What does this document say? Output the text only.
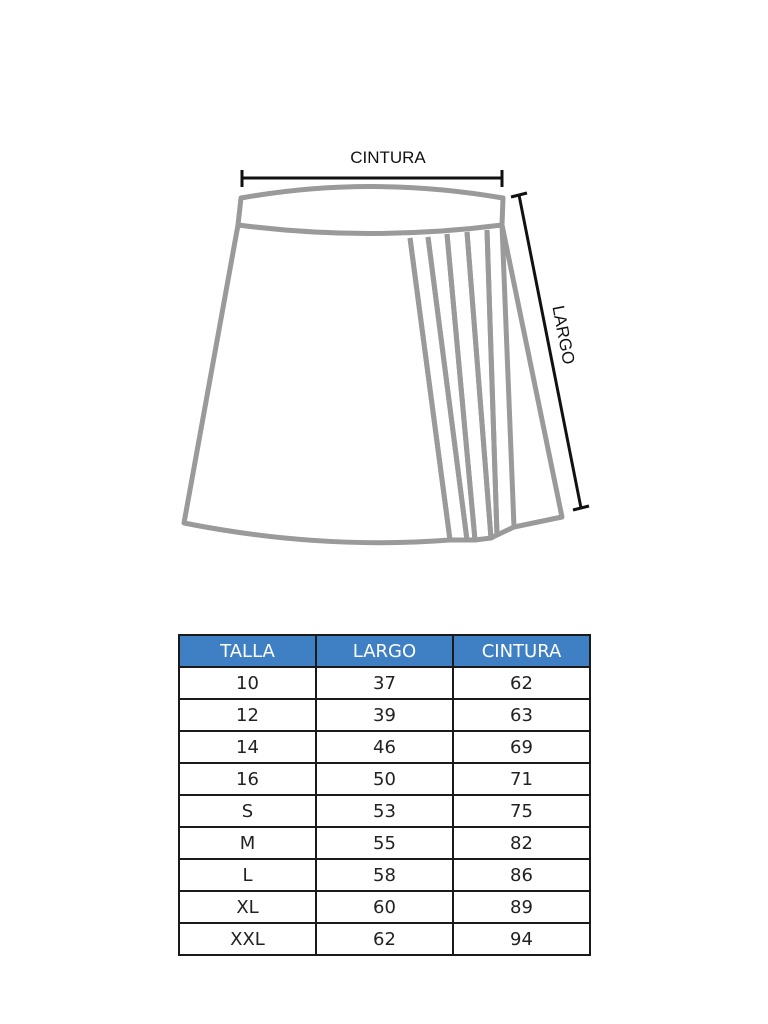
CINTURA
LARGO
TALLA	LARGO	CINTURA
10	37	62
12	39	63
14	46	69
16	50	71
S	53	75
M	55	82
L	58	86
XL	60	89
XXL	62	94
